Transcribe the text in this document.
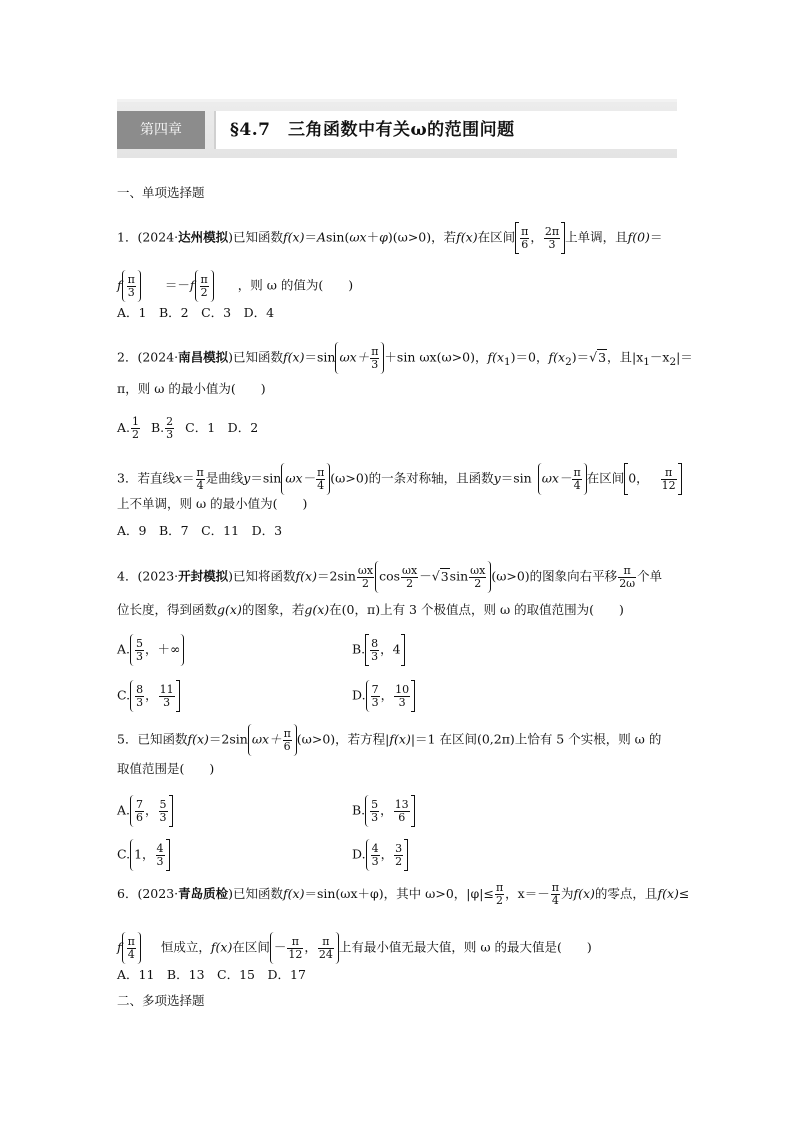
第四章	§4.7　三角函数中有关ω的范围问题
一、单项选择题
1．(2024·达州模拟)已知函数f(x)＝Asin(ωx＋φ)(ω>0)，若f(x)在区间 $\frac{\pi}{6}$ ， $\frac{2\pi}{3}$ 上单调，且f(0)＝
f $\frac{\pi}{3} =-f \frac{\pi}{2}$ ，则 ω 的值为(　　)
A．1　B．2　C．3　D．4
2．(2024·南昌模拟)已知函数f(x)＝sin $\omega x+ \frac{\pi}{3} +\sin$ ωx(ω>0)，$f(x_1)=0$，$f(x_2)=√3$，且$|x_1-x_2|=$
π，则 ω 的最小值为(　　)
A. $\frac{1}{2} B$. $\frac{2}{3}$ C．1　D．2
3．若直线$x= \frac{\pi}{4}$ 是曲线y＝sin $\omega x- \frac{\pi}{4} (\omega>0)$的一条对称轴，且函数y＝sin $\omega x- \frac{\pi}{4}$ 在区间 0， $\frac{\pi}{12}$
上不单调，则 ω 的最小值为(　　)
A．9　B．7　C．11　D．3
4．(2023·开封模拟)已知将函数$f(x)=2\sin \frac{\omega x}{2}$ $\cos \frac{\omega x}{2} -√3\sin \frac{\omega x}{2} (\omega>0)$的图象向右平移 $\frac{\pi}{2\omega}$ 个单
位长度，得到函数g(x)的图象，若g(x)在(0，π)上有 3 个极值点，则 ω 的取值范围为(　　)
A. $\frac{5}{3}$ ，＋∞	B. $\frac{8}{3}$ ，4
C. $\frac{8}{3}$ ， $\frac{11}{3}$	D. $\frac{7}{3}$ ， $\frac{10}{3}$
5．已知函数f(x)＝2sin $\omega x+ \frac{\pi}{6} (\omega>0)$，若方程|f(x)|＝1 在区间(0,2π)上恰有 5 个实根，则 ω 的
取值范围是(　　)
A. $\frac{7}{6}$ ， $\frac{5}{3}$	B. $\frac{5}{3}$ ， $\frac{13}{6}$
C. 1， $\frac{4}{3}$	D. $\frac{4}{3}$ ， $\frac{3}{2}$
6．(2023·青岛质检)已知函数f(x)＝sin(ωx＋φ)，其中 ω>0，$|\varphi|\le \frac{\pi}{2}$ ，$x=- \frac{\pi}{4}$ 为f(x)的零点，且f(x)≤
f $\frac{\pi}{4}$ 恒成立，f(x)在区间 － $\frac{\pi}{12}$ ， $\frac{\pi}{24}$ 上有最小值无最大值，则 ω 的最大值是(　　)
A．11　B．13　C．15　D．17
二、多项选择题
